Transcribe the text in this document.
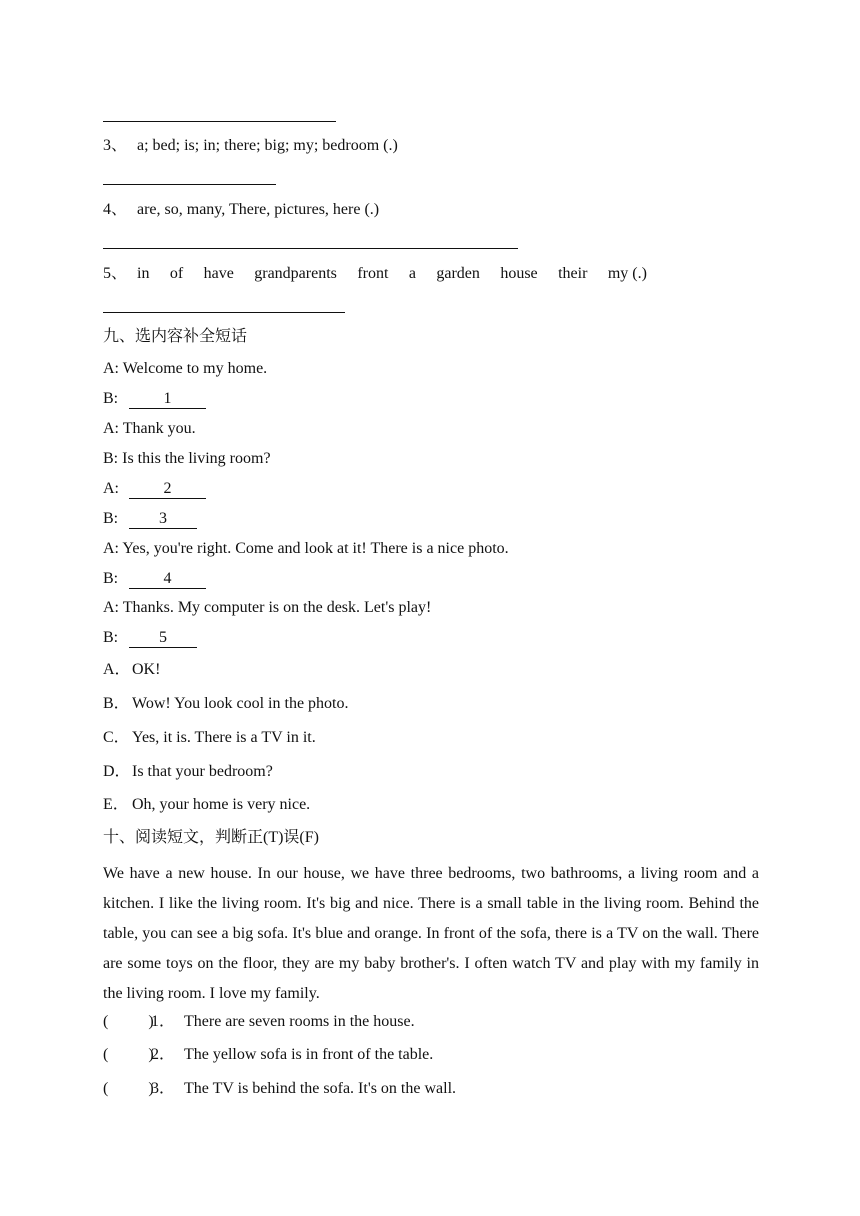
3、 a; bed; is; in; there; big; my; bedroom (.)
4、 are, so, many, There, pictures, here (.)
5、 in of have grandparents front a garden house their my (.)
九、选内容补全短话
A: Welcome to my home.
B:	1
A: Thank you.
B: Is this the living room?
A:	2
B:	3
A: Yes, you're right. Come and look at it! There is a nice photo.
B:	4
A: Thanks. My computer is on the desk. Let's play!
B:	5
A．OK!
B． Wow! You look cool in the photo.
C． Yes, it is. There is a TV in it.
D．Is that your bedroom?
E． Oh, your home is very nice.
十、阅读短文，判断正(T)误(F)
We have a new house. In our house, we have three bedrooms, two bathrooms, a living room and a kitchen. I like the living room. It's big and nice. There is a small table in the living room. Behind the table, you can see a big sofa. It's blue and orange. In front of the sofa, there is a TV on the wall. There are some toys on the floor, they are my baby brother's. I often watch TV and play with my family in the living room. I love my family.
(          )1． There are seven rooms in the house.
(          )2． The yellow sofa is in front of the table.
(          )3． The TV is behind the sofa. It's on the wall.
